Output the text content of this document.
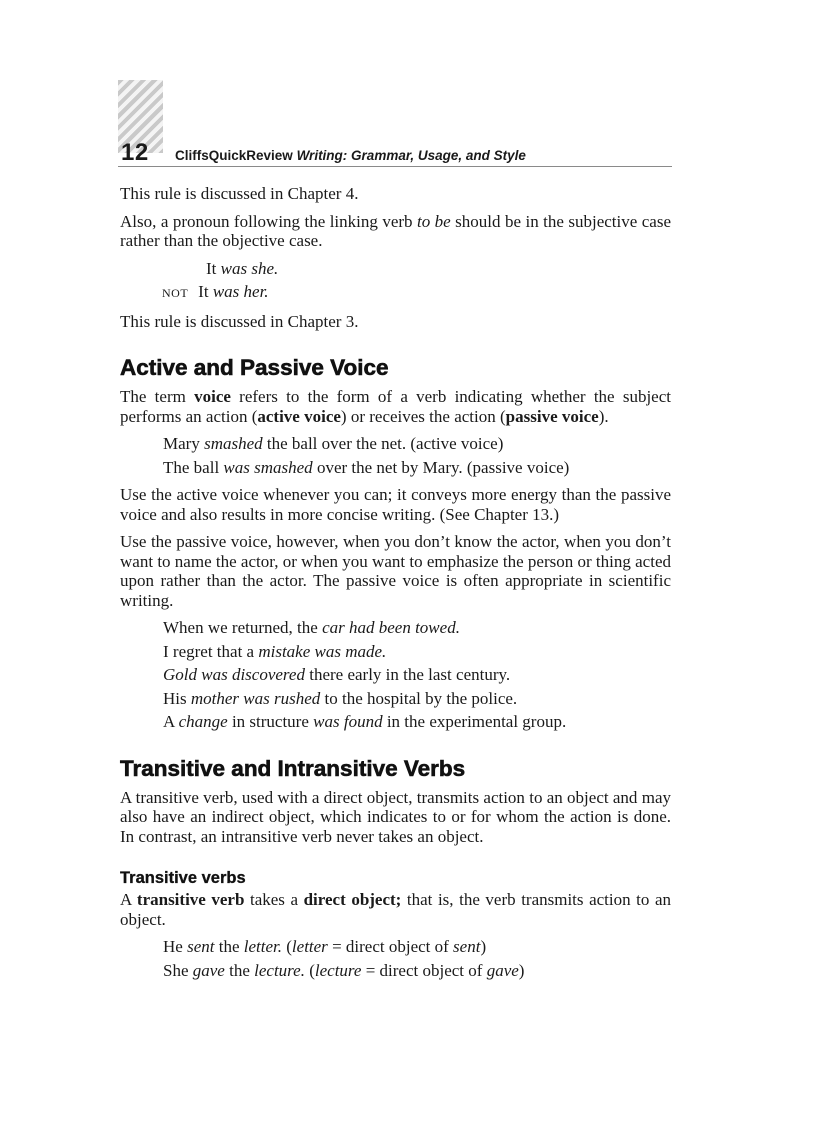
12 CliffsQuickReview Writing: Grammar, Usage, and Style

This rule is discussed in Chapter 4.

Also, a pronoun following the linking verb to be should be in the subjective case rather than the objective case.

It was she.
NOT It was her.

This rule is discussed in Chapter 3.

Active and Passive Voice

The term voice refers to the form of a verb indicating whether the subject performs an action (active voice) or receives the action (passive voice).

Mary smashed the ball over the net. (active voice)
The ball was smashed over the net by Mary. (passive voice)

Use the active voice whenever you can; it conveys more energy than the passive voice and also results in more concise writing. (See Chapter 13.)

Use the passive voice, however, when you don’t know the actor, when you don’t want to name the actor, or when you want to emphasize the person or thing acted upon rather than the actor. The passive voice is often appropriate in scientific writing.

When we returned, the car had been towed.
I regret that a mistake was made.
Gold was discovered there early in the last century.
His mother was rushed to the hospital by the police.
A change in structure was found in the experimental group.
Transitive and Intransitive Verbs

A transitive verb, used with a direct object, transmits action to an object and may also have an indirect object, which indicates to or for whom the action is done. In contrast, an intransitive verb never takes an object.

Transitive verbs

A transitive verb takes a direct object; that is, the verb transmits action to an object.

He sent the letter. (letter = direct object of sent)
She gave the lecture. (lecture = direct object of gave)
